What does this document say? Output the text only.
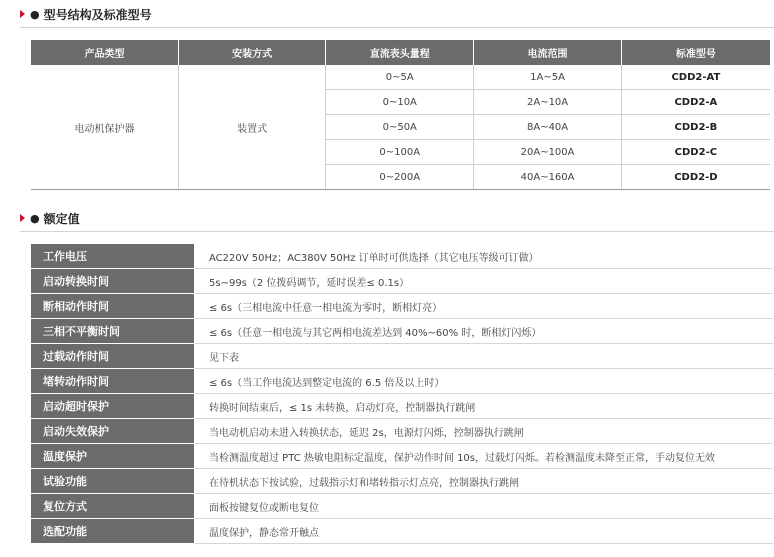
● 型号结构及标准型号
产品类型	安装方式	直流表头量程	电流范围	标准型号
电动机保护器	装置式	0~5A	1A~5A	CDD2-AT
		0~10A	2A~10A	CDD2-A
		0~50A	8A~40A	CDD2-B
		0~100A	20A~100A	CDD2-C
		0~200A	40A~160A	CDD2-D
● 额定值
工作电压	AC220V 50Hz；AC380V 50Hz 订单时可供选择（其它电压等级可订做）
启动转换时间	5s~99s（2 位拨码调节，延时误差≤ 0.1s）
断相动作时间	≤ 6s（三相电流中任意一相电流为零时，断相灯亮）
三相不平衡时间	≤ 6s（任意一相电流与其它两相电流差达到 40%~60% 时，断相灯闪烁）
过载动作时间	见下表
堵转动作时间	≤ 6s（当工作电流达到整定电流的 6.5 倍及以上时）
启动超时保护	转换时间结束后，≤ 1s 未转换，启动灯亮，控制器执行跳闸
启动失效保护	当电动机启动未进入转换状态，延迟 2s，电源灯闪烁，控制器执行跳闸
温度保护	当检测温度超过 PTC 热敏电阻标定温度，保护动作时间 10s，过载灯闪烁。若检测温度未降至正常，手动复位无效
试验功能	在待机状态下按试验，过载指示灯和堵转指示灯点亮，控制器执行跳闸
复位方式	面板按键复位或断电复位
选配功能	温度保护，静态常开触点
